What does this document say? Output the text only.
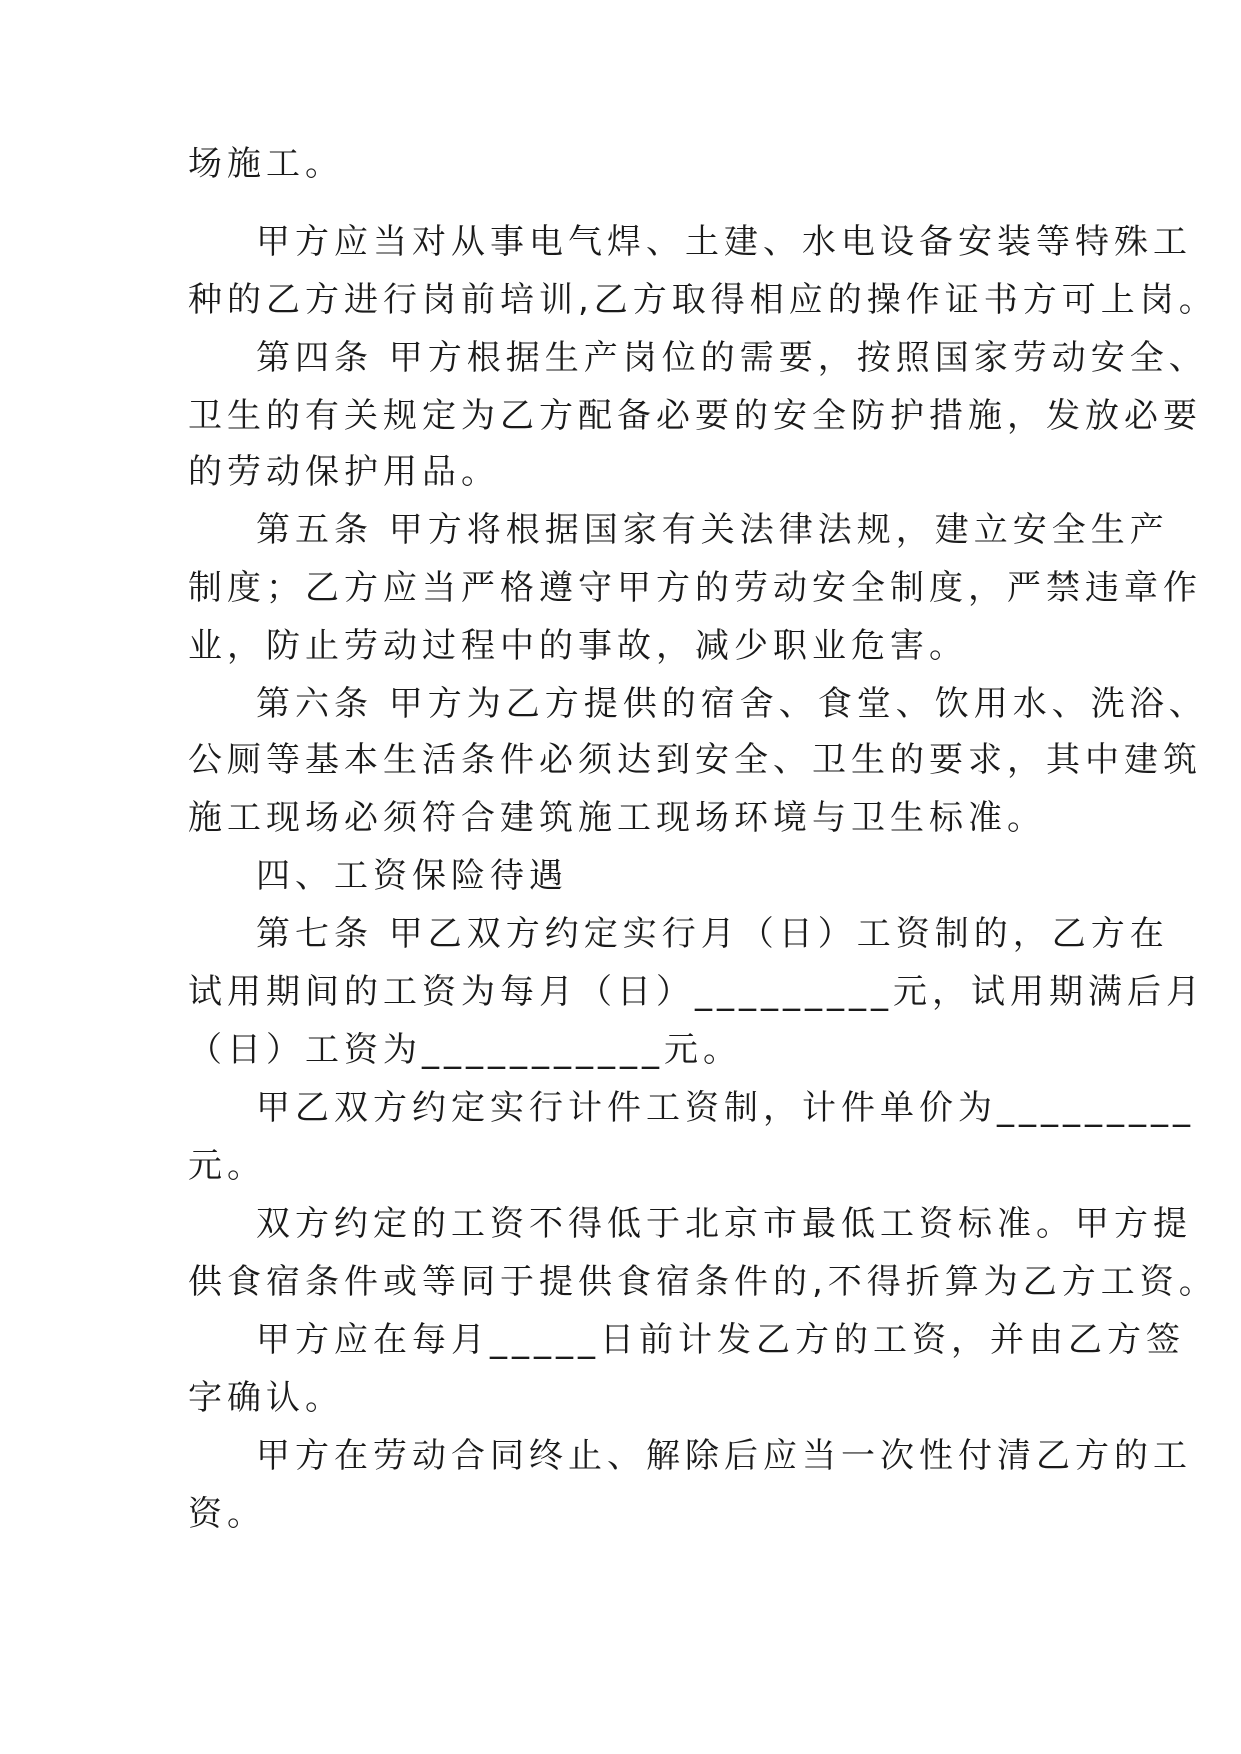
场施工。
甲方应当对从事电气焊、土建、水电设备安装等特殊工
种的乙方进行岗前培训,乙方取得相应的操作证书方可上岗。
第四条 甲方根据生产岗位的需要，按照国家劳动安全、
卫生的有关规定为乙方配备必要的安全防护措施，发放必要
的劳动保护用品。
第五条 甲方将根据国家有关法律法规，建立安全生产
制度；乙方应当严格遵守甲方的劳动安全制度，严禁违章作
业，防止劳动过程中的事故，减少职业危害。
第六条 甲方为乙方提供的宿舍、食堂、饮用水、洗浴、
公厕等基本生活条件必须达到安全、卫生的要求，其中建筑
施工现场必须符合建筑施工现场环境与卫生标准。
四、工资保险待遇
第七条 甲乙双方约定实行月（日）工资制的，乙方在
试用期间的工资为每月（日）_________元，试用期满后月
（日）工资为___________元。
甲乙双方约定实行计件工资制，计件单价为_________
元。
双方约定的工资不得低于北京市最低工资标准。甲方提
供食宿条件或等同于提供食宿条件的,不得折算为乙方工资。
甲方应在每月_____日前计发乙方的工资，并由乙方签
字确认。
甲方在劳动合同终止、解除后应当一次性付清乙方的工
资。
